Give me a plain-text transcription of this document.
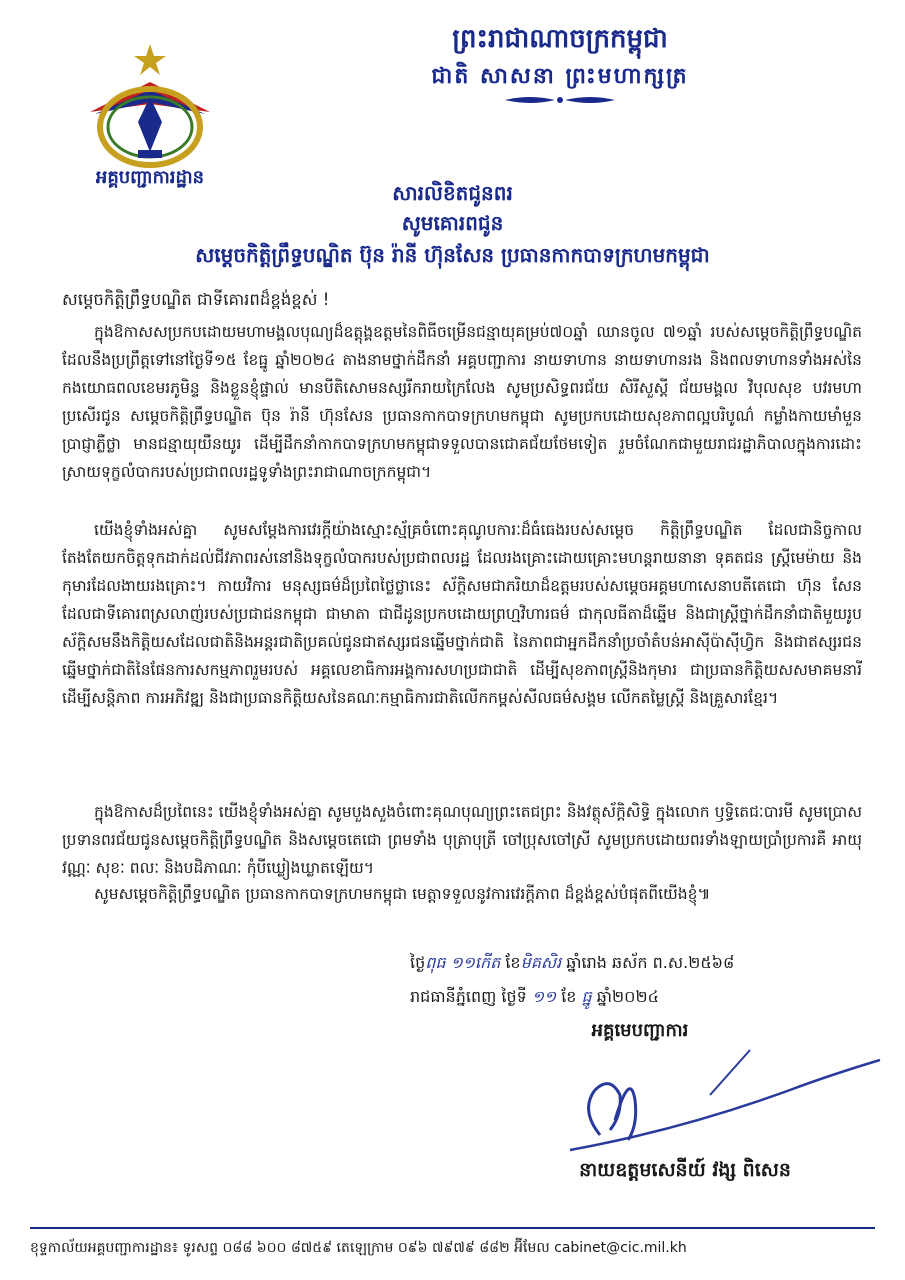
ព្រះរាជាណាចក្រកម្ពុជា
ជាតិ សាសនា ព្រះមហាក្សត្រ
អគ្គបញ្ជាការដ្ឋាន
សារលិខិតជូនពរ
សូមគោរពជូន
សម្តេចកិត្តិព្រឹទ្ធបណ្ឌិត ប៊ុន រ៉ានី ហ៊ុនសែន ប្រធានកាកបាទក្រហមកម្ពុជា
សម្តេចកិត្តិព្រឹទ្ធបណ្ឌិត ជាទីគោរពដ៏ខ្ពង់ខ្ពស់ !
ក្នុងឱកាសសប្រកបដោយមហាមង្គលបុណ្យដ៏ឧត្តុង្គឧត្តមនៃពិធីចម្រើនជន្មាយុគម្រប់៧០ឆ្នាំ ឈានចូល ៧១ឆ្នាំ របស់សម្តេចកិត្តិព្រឹទ្ធបណ្ឌិត ដែលនឹងប្រព្រឹត្តទៅនៅថ្ងៃទី១៥ ខែធ្នូ ឆ្នាំ២០២៤ តាងនាមថ្នាក់ដឹកនាំ អគ្គបញ្ជាការ នាយទាហាន នាយទាហានរង និងពលទាហានទាំងអស់នៃកងយោធពលខេមរភូមិន្ទ និងខ្លួនខ្ញុំផ្ទាល់ មានបីតិសោមនស្សរីករាយក្រៃលែង សូមប្រសិទ្ធពរជ័យ សិរីសួស្តី ជ័យមង្គល វិបុលសុខ បវរមហាប្រសើរជូន សម្តេចកិត្តិព្រឹទ្ធបណ្ឌិត ប៊ុន រ៉ានី ហ៊ុនសែន ប្រធានកាកបាទក្រហមកម្ពុជា សូមប្រកបដោយសុខភាពល្អបរិបូណ៌ កម្លាំងកាយមាំមួន ប្រាជ្ញាភ្លឺថ្លា មានជន្មាយុយឺនយូរ ដើម្បីដឹកនាំកាកបាទក្រហមកម្ពុជាទទួលបានជោគជ័យថែមទៀត រួមចំណែកជាមួយរាជរដ្ឋាភិបាលក្នុងការដោះស្រាយទុក្ខលំបាករបស់ប្រជាពលរដ្ឋទូទាំងព្រះរាជាណាចក្រកម្ពុជា។
យើងខ្ញុំទាំងអស់គ្នា សូមសម្តែងការវេរក្តីយ៉ាងស្មោះស្ម័គ្រចំពោះគុណូបការៈដ៏ធំធេងរបស់សម្តេច កិត្តិព្រឹទ្ធបណ្ឌិត ដែលជានិច្ចកាលតែងតែយកចិត្តទុកដាក់ដល់ជីវភាពរស់នៅនិងទុក្ខលំបាករបស់ប្រជាពលរដ្ឋ ដែលរងគ្រោះដោយគ្រោះមហន្តរាយនានា ទុគតជន ស្ត្រីមេម៉ាយ និងកុមារដែលងាយរងគ្រោះ។ កាយវិការ មនុស្សធម៌ដ៏ប្រពៃថ្លៃថ្លានេះ ស័ក្តិសមជាភរិយាដ៏ឧត្តមរបស់សម្តេចអគ្គមហាសេនាបតីតេជោ ហ៊ុន សែន ដែលជាទីគោរពស្រលាញ់របស់ប្រជាជនកម្ពុជា ជាមាតា ជាជីដូនប្រកបដោយព្រហ្មវិហារធម៌ ជាកុលធីតាដ៏ឆ្នើម និងជាស្ត្រីថ្នាក់ដឹកនាំជាតិមួយរូប ស័ក្តិសមនឹងកិត្តិយសដែលជាតិនិងអន្តរជាតិប្រគល់ជូនជាឥស្សរជនឆ្នើមថ្នាក់ជាតិ នៃភាពជាអ្នកដឹកនាំប្រចាំតំបន់អាស៊ីប៉ាស៊ីហ្វិក និងជាឥស្សរជនឆ្នើមថ្នាក់ជាតិនៃផែនការសកម្មភាពរួមរបស់ អគ្គលេខាធិការអង្គការសហប្រជាជាតិ ដើម្បីសុខភាពស្ត្រីនិងកុមារ ជាប្រធានកិត្តិយសសមាគមនារីដើម្បីសន្តិភាព ការអភិវឌ្ឍ និងជាប្រធានកិត្តិយសនៃគណៈកម្មាធិការជាតិលើកកម្ពស់សីលធម៌សង្គម លើកតម្លៃស្ត្រី និងគ្រួសារខ្មែរ។
ក្នុងឱកាសដ៏ប្រពៃនេះ យើងខ្ញុំទាំងអស់គ្នា សូមបួងសួងចំពោះគុណបុណ្យព្រះតេជព្រះ និងវត្ថុស័ក្តិសិទ្ធិ ក្នុងលោក ឫទ្ធិតេជៈបារមី សូមប្រោសប្រទានពរជ័យជូនសម្តេចកិត្តិព្រឹទ្ធបណ្ឌិត និងសម្តេចតេជោ ព្រមទាំង បុត្រាបុត្រី ចៅប្រុសចៅស្រី សូមប្រកបដោយពរទាំងឡាយប្រាំប្រការគឺ អាយុ វណ្ណៈ សុខៈ ពលៈ និងបដិភាណៈ កុំបីឃ្លៀងឃ្លាតឡើយ។
សូមសម្តេចកិត្តិព្រឹទ្ធបណ្ឌិត ប្រធានកាកបាទក្រហមកម្ពុជា មេត្តាទទួលនូវការវេរក្តីភាព ដ៏ខ្ពង់ខ្ពស់បំផុតពីយើងខ្ញុំ៕
ថ្ងៃពុធ ១១កើត ខែមិគសិរ ឆ្នាំរោង ឆស័ក ព.ស.២៥៦៨
រាជធានីភ្នំពេញ ថ្ងៃទី ១១ ខែ ធ្នូ ឆ្នាំ២០២៤
អគ្គមេបញ្ជាការ
នាយឧត្តមសេនីយ៍ វង្ស ពិសេន
ខុទ្ទកាល័យអគ្គបញ្ជាការដ្ឋាន៖ ទូរសព្ទ ០៨៨ ៦០០ ៨៧៥៩ តេឡេក្រាម ០៩៦ ៧៩៧៩ ៨៨២ អ៊ីមែល cabinet@cic.mil.kh
